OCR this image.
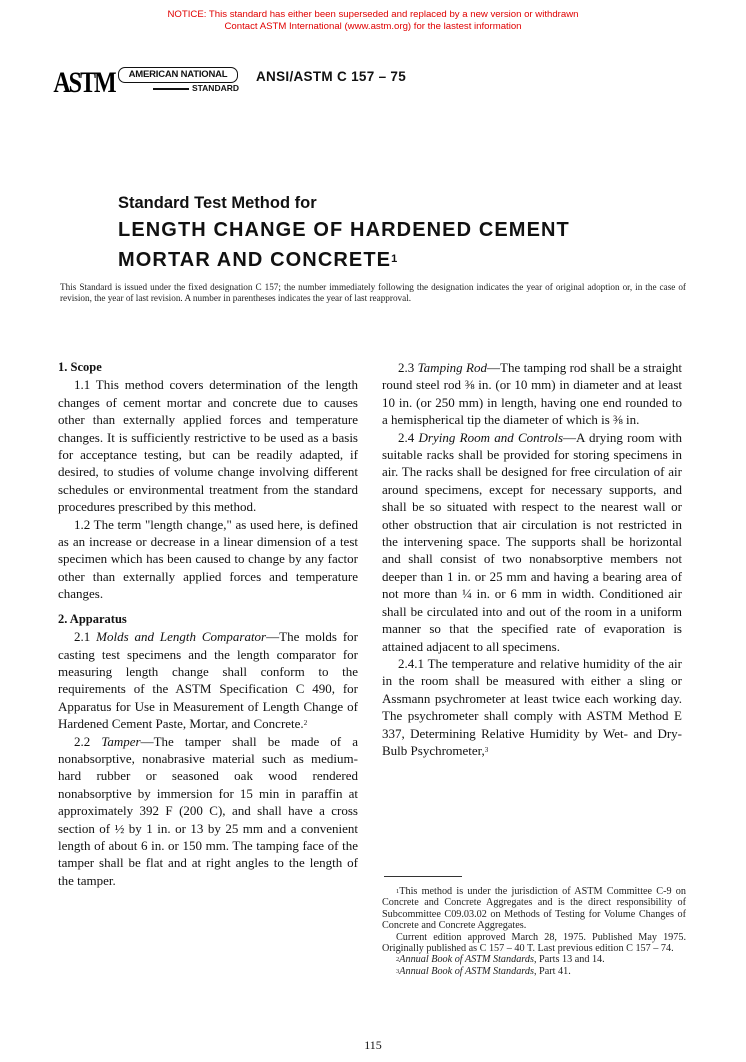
NOTICE: This standard has either been superseded and replaced by a new version or withdrawn
Contact ASTM International (www.astm.org) for the lastest information
ASTM	AMERICAN NATIONAL
STANDARD
ANSI/ASTM C 157 – 75
Standard Test Method for
LENGTH CHANGE OF HARDENED CEMENT
MORTAR AND CONCRETE$^1$
This Standard is issued under the fixed designation C 157; the number immediately following the designation indicates the year of original adoption or, in the case of revision, the year of last revision. A number in parentheses indicates the year of last reapproval.
1. Scope

1.1 This method covers determination of the length changes of cement mortar and concrete due to causes other than externally applied forces and temperature changes. It is sufficiently restrictive to be used as a basis for acceptance testing, but can be readily adapted, if desired, to studies of volume change involving different schedules or environmental treatment from the standard procedures prescribed by this method.

1.2 The term "length change," as used here, is defined as an increase or decrease in a linear dimension of a test specimen which has been caused to change by any factor other than externally applied forces and temperature changes.

2. Apparatus

2.1 Molds and Length Comparator—The molds for casting test specimens and the length comparator for measuring length change shall conform to the requirements of the ASTM Specification C 490, for Apparatus for Use in Measurement of Length Change of Hardened Cement Paste, Mortar, and Concrete.$^2$

2.2 Tamper—The tamper shall be made of a nonabsorptive, nonabrasive material such as medium-hard rubber or seasoned oak wood rendered nonabsorptive by immersion for 15 min in paraffin at approximately 392 F (200 C), and shall have a cross section of ½ by 1 in. or 13 by 25 mm and a convenient length of about 6 in. or 150 mm. The tamping face of the tamper shall be flat and at right angles to the length of the tamper.

2.3 Tamping Rod—The tamping rod shall be a straight round steel rod ⅜ in. (or 10 mm) in diameter and at least 10 in. (or 250 mm) in length, having one end rounded to a hemispherical tip the diameter of which is ⅜ in.

2.4 Drying Room and Controls—A drying room with suitable racks shall be provided for storing specimens in air. The racks shall be designed for free circulation of air around specimens, except for necessary supports, and shall be so situated with respect to the nearest wall or other obstruction that air circulation is not restricted in the intervening space. The supports shall be horizontal and shall consist of two nonabsorptive members not deeper than 1 in. or 25 mm and having a bearing area of not more than ¼ in. or 6 mm in width. Conditioned air shall be circulated into and out of the room in a uniform manner so that the specified rate of evaporation is attained adjacent to all specimens.

2.4.1 The temperature and relative humidity of the air in the room shall be measured with either a sling or Assmann psychrometer at least twice each working day. The psychrometer shall comply with ASTM Method E 337, Determining Relative Humidity by Wet- and Dry-Bulb Psychrometer,$^3$

$^1$This method is under the jurisdiction of ASTM Committee C-9 on Concrete and Concrete Aggregates and is the direct responsibility of Subcommittee C09.03.02 on Methods of Testing for Volume Changes of Concrete and Concrete Aggregates.

Current edition approved March 28, 1975. Published May 1975. Originally published as C 157 – 40 T. Last previous edition C 157 – 74.

$^2$Annual Book of ASTM Standards, Parts 13 and 14.

$^3$Annual Book of ASTM Standards, Part 41.

115
